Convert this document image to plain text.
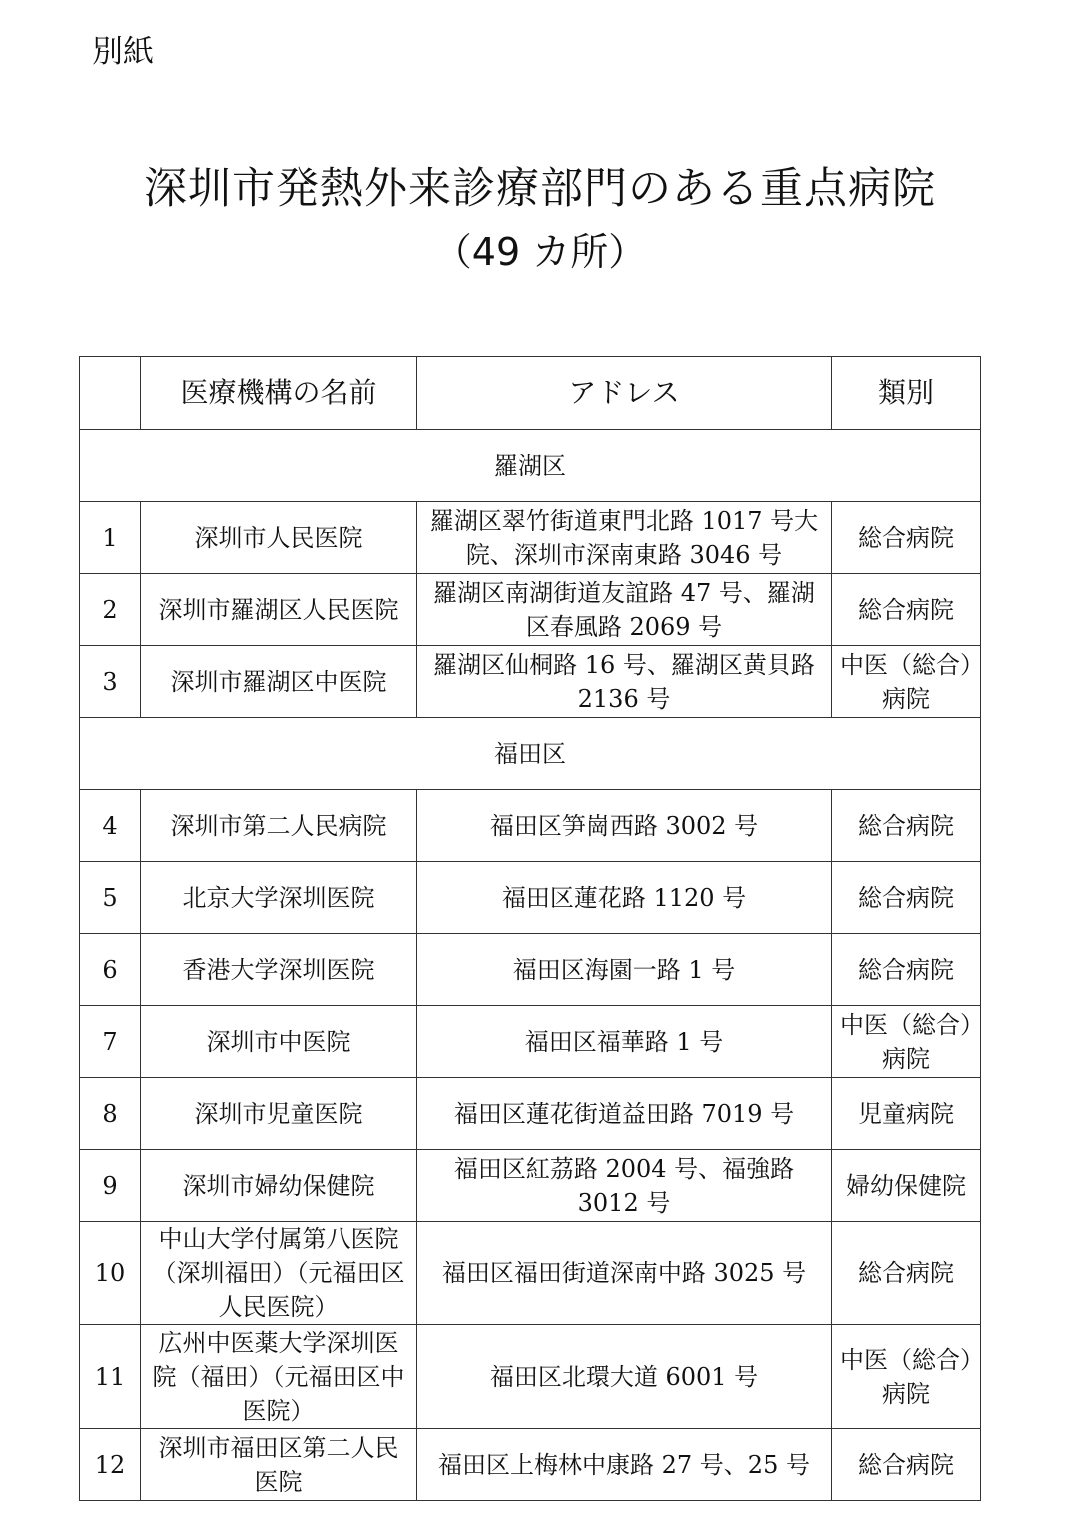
別紙
深圳市発熱外来診療部門のある重点病院
（49 カ所）
	医療機構の名前	アドレス	類別
羅湖区			
1	深圳市人民医院	羅湖区翠竹街道東門北路 1017 号大院、深圳市深南東路 3046 号	総合病院
2	深圳市羅湖区人民医院	羅湖区南湖街道友誼路 47 号、羅湖区春風路 2069 号	総合病院
3	深圳市羅湖区中医院	羅湖区仙桐路 16 号、羅湖区黄貝路 2136 号	中医（総合）病院
福田区			
4	深圳市第二人民病院	福田区笋崗西路 3002 号	総合病院
5	北京大学深圳医院	福田区蓮花路 1120 号	総合病院
6	香港大学深圳医院	福田区海園一路 1 号	総合病院
7	深圳市中医院	福田区福華路 1 号	中医（総合）病院
8	深圳市児童医院	福田区蓮花街道益田路 7019 号	児童病院
9	深圳市婦幼保健院	福田区紅茘路 2004 号、福強路 3012 号	婦幼保健院
10	中山大学付属第八医院（深圳福田）（元福田区人民医院）	福田区福田街道深南中路 3025 号	総合病院
11	広州中医薬大学深圳医院（福田）（元福田区中医院）	福田区北環大道 6001 号	中医（総合）病院
12	深圳市福田区第二人民医院	福田区上梅林中康路 27 号、25 号	総合病院
